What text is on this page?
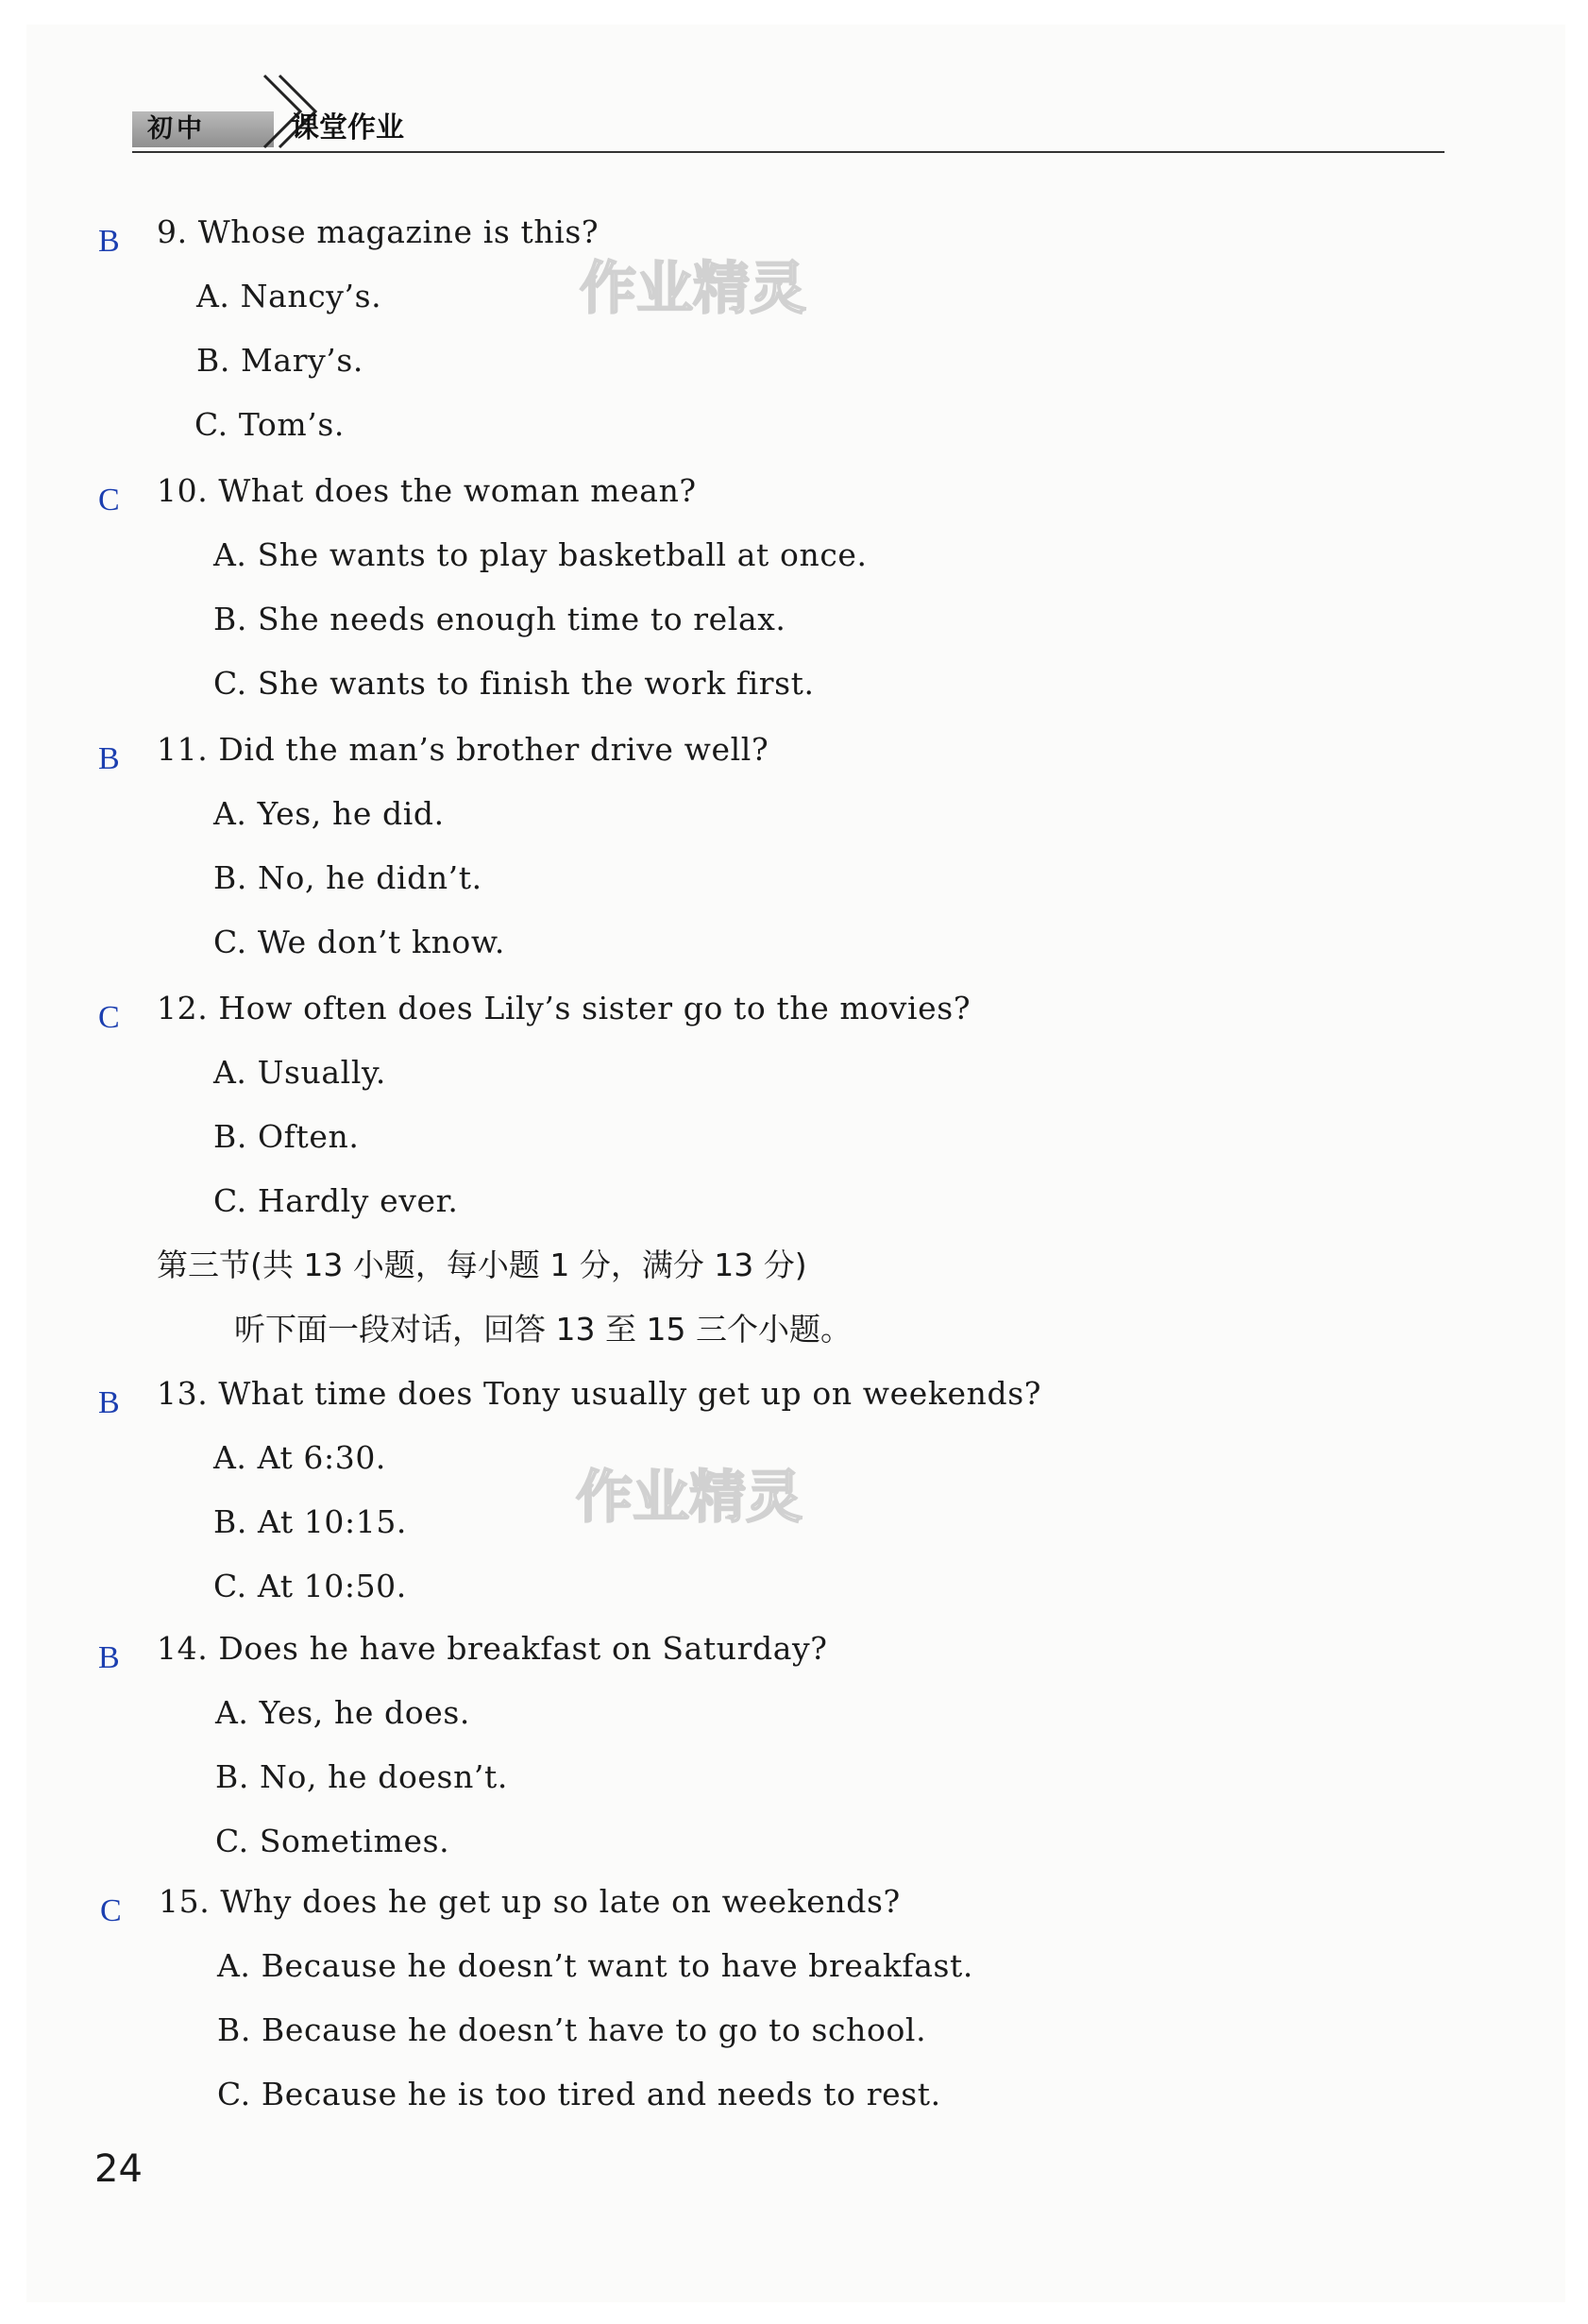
初中	课堂作业
B 9. Whose magazine is this?
A. Nancy’s.
B. Mary’s.
C. Tom’s.
C 10. What does the woman mean?
A. She wants to play basketball at once.
B. She needs enough time to relax.
C. She wants to finish the work first.
B 11. Did the man’s brother drive well?
A. Yes, he did.
B. No, he didn’t.
C. We don’t know.
C 12. How often does Lily’s sister go to the movies?
A. Usually.
B. Often.
C. Hardly ever.
第三节(共 13 小题，每小题 1 分，满分 13 分)
听下面一段对话，回答 13 至 15 三个小题。
B 13. What time does Tony usually get up on weekends?
A. At 6:30.
B. At 10:15.
C. At 10:50.
B 14. Does he have breakfast on Saturday?
A. Yes, he does.
B. No, he doesn’t.
C. Sometimes.
C 15. Why does he get up so late on weekends?
A. Because he doesn’t want to have breakfast.
B. Because he doesn’t have to go to school.
C. Because he is too tired and needs to rest.
24
作业精灵
作业精灵
